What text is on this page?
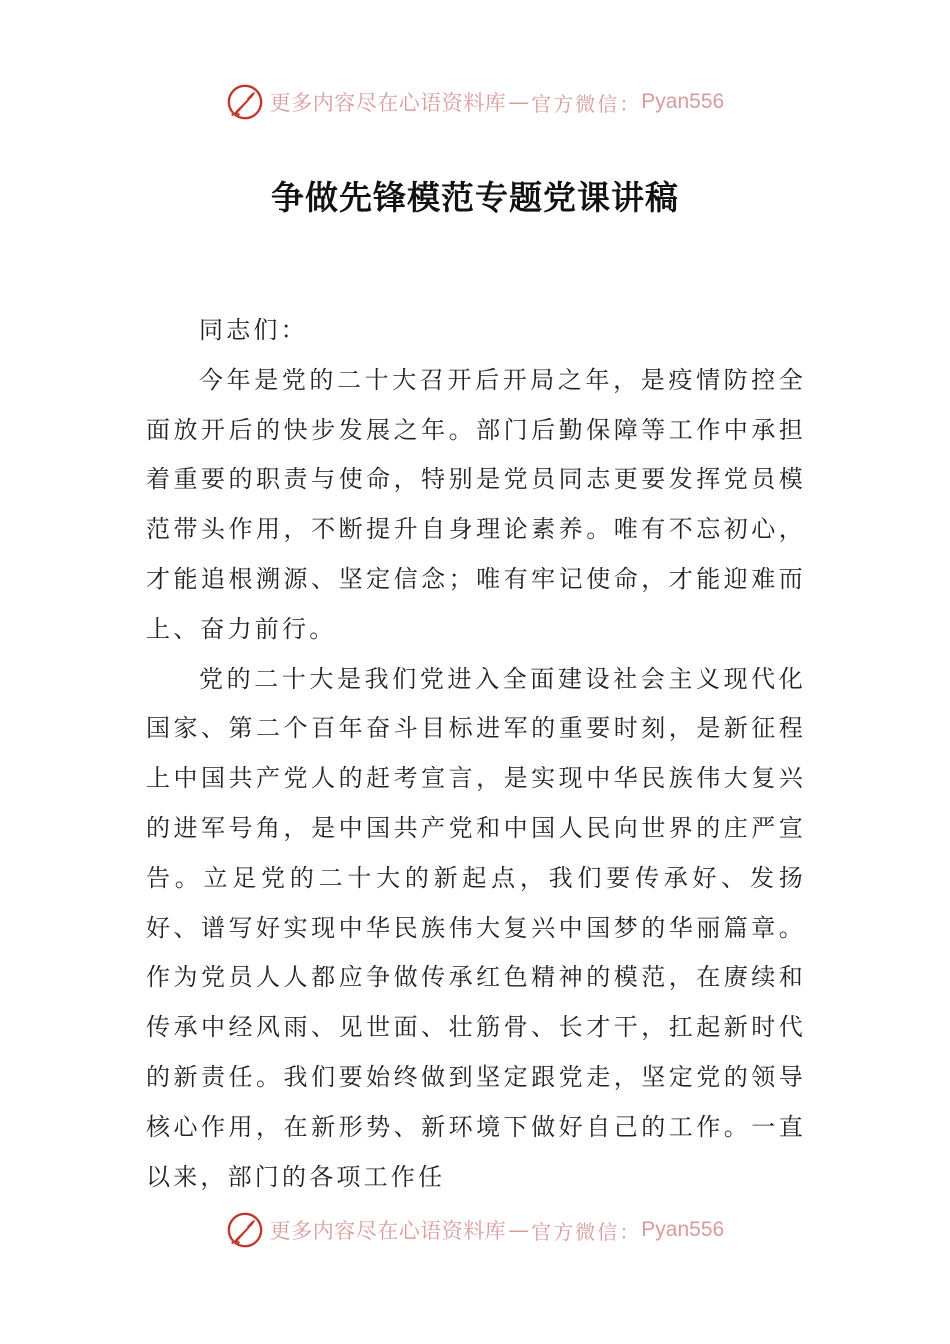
更多内容尽在心语资料库 — 官方微信： Pyan556
争做先锋模范专题党课讲稿

同志们：

今年是党的二十大召开后开局之年，是疫情防控全面放开后的快步发展之年。部门后勤保障等工作中承担着重要的职责与使命，特别是党员同志更要发挥党员模范带头作用，不断提升自身理论素养。唯有不忘初心，才能追根溯源、坚定信念；唯有牢记使命，才能迎难而上、奋力前行。

党的二十大是我们党进入全面建设社会主义现代化国家、第二个百年奋斗目标进军的重要时刻，是新征程上中国共产党人的赶考宣言，是实现中华民族伟大复兴的进军号角，是中国共产党和中国人民向世界的庄严宣告。立足党的二十大的新起点，我们要传承好、发扬好、谱写好实现中华民族伟大复兴中国梦的华丽篇章。作为党员人人都应争做传承红色精神的模范，在赓续和传承中经风雨、见世面、壮筋骨、长才干，扛起新时代的新责任。我们要始终做到坚定跟党走，坚定党的领导核心作用，在新形势、新环境下做好自己的工作。一直以来，部门的各项工作任

更多内容尽在心语资料库 — 官方微信： Pyan556
